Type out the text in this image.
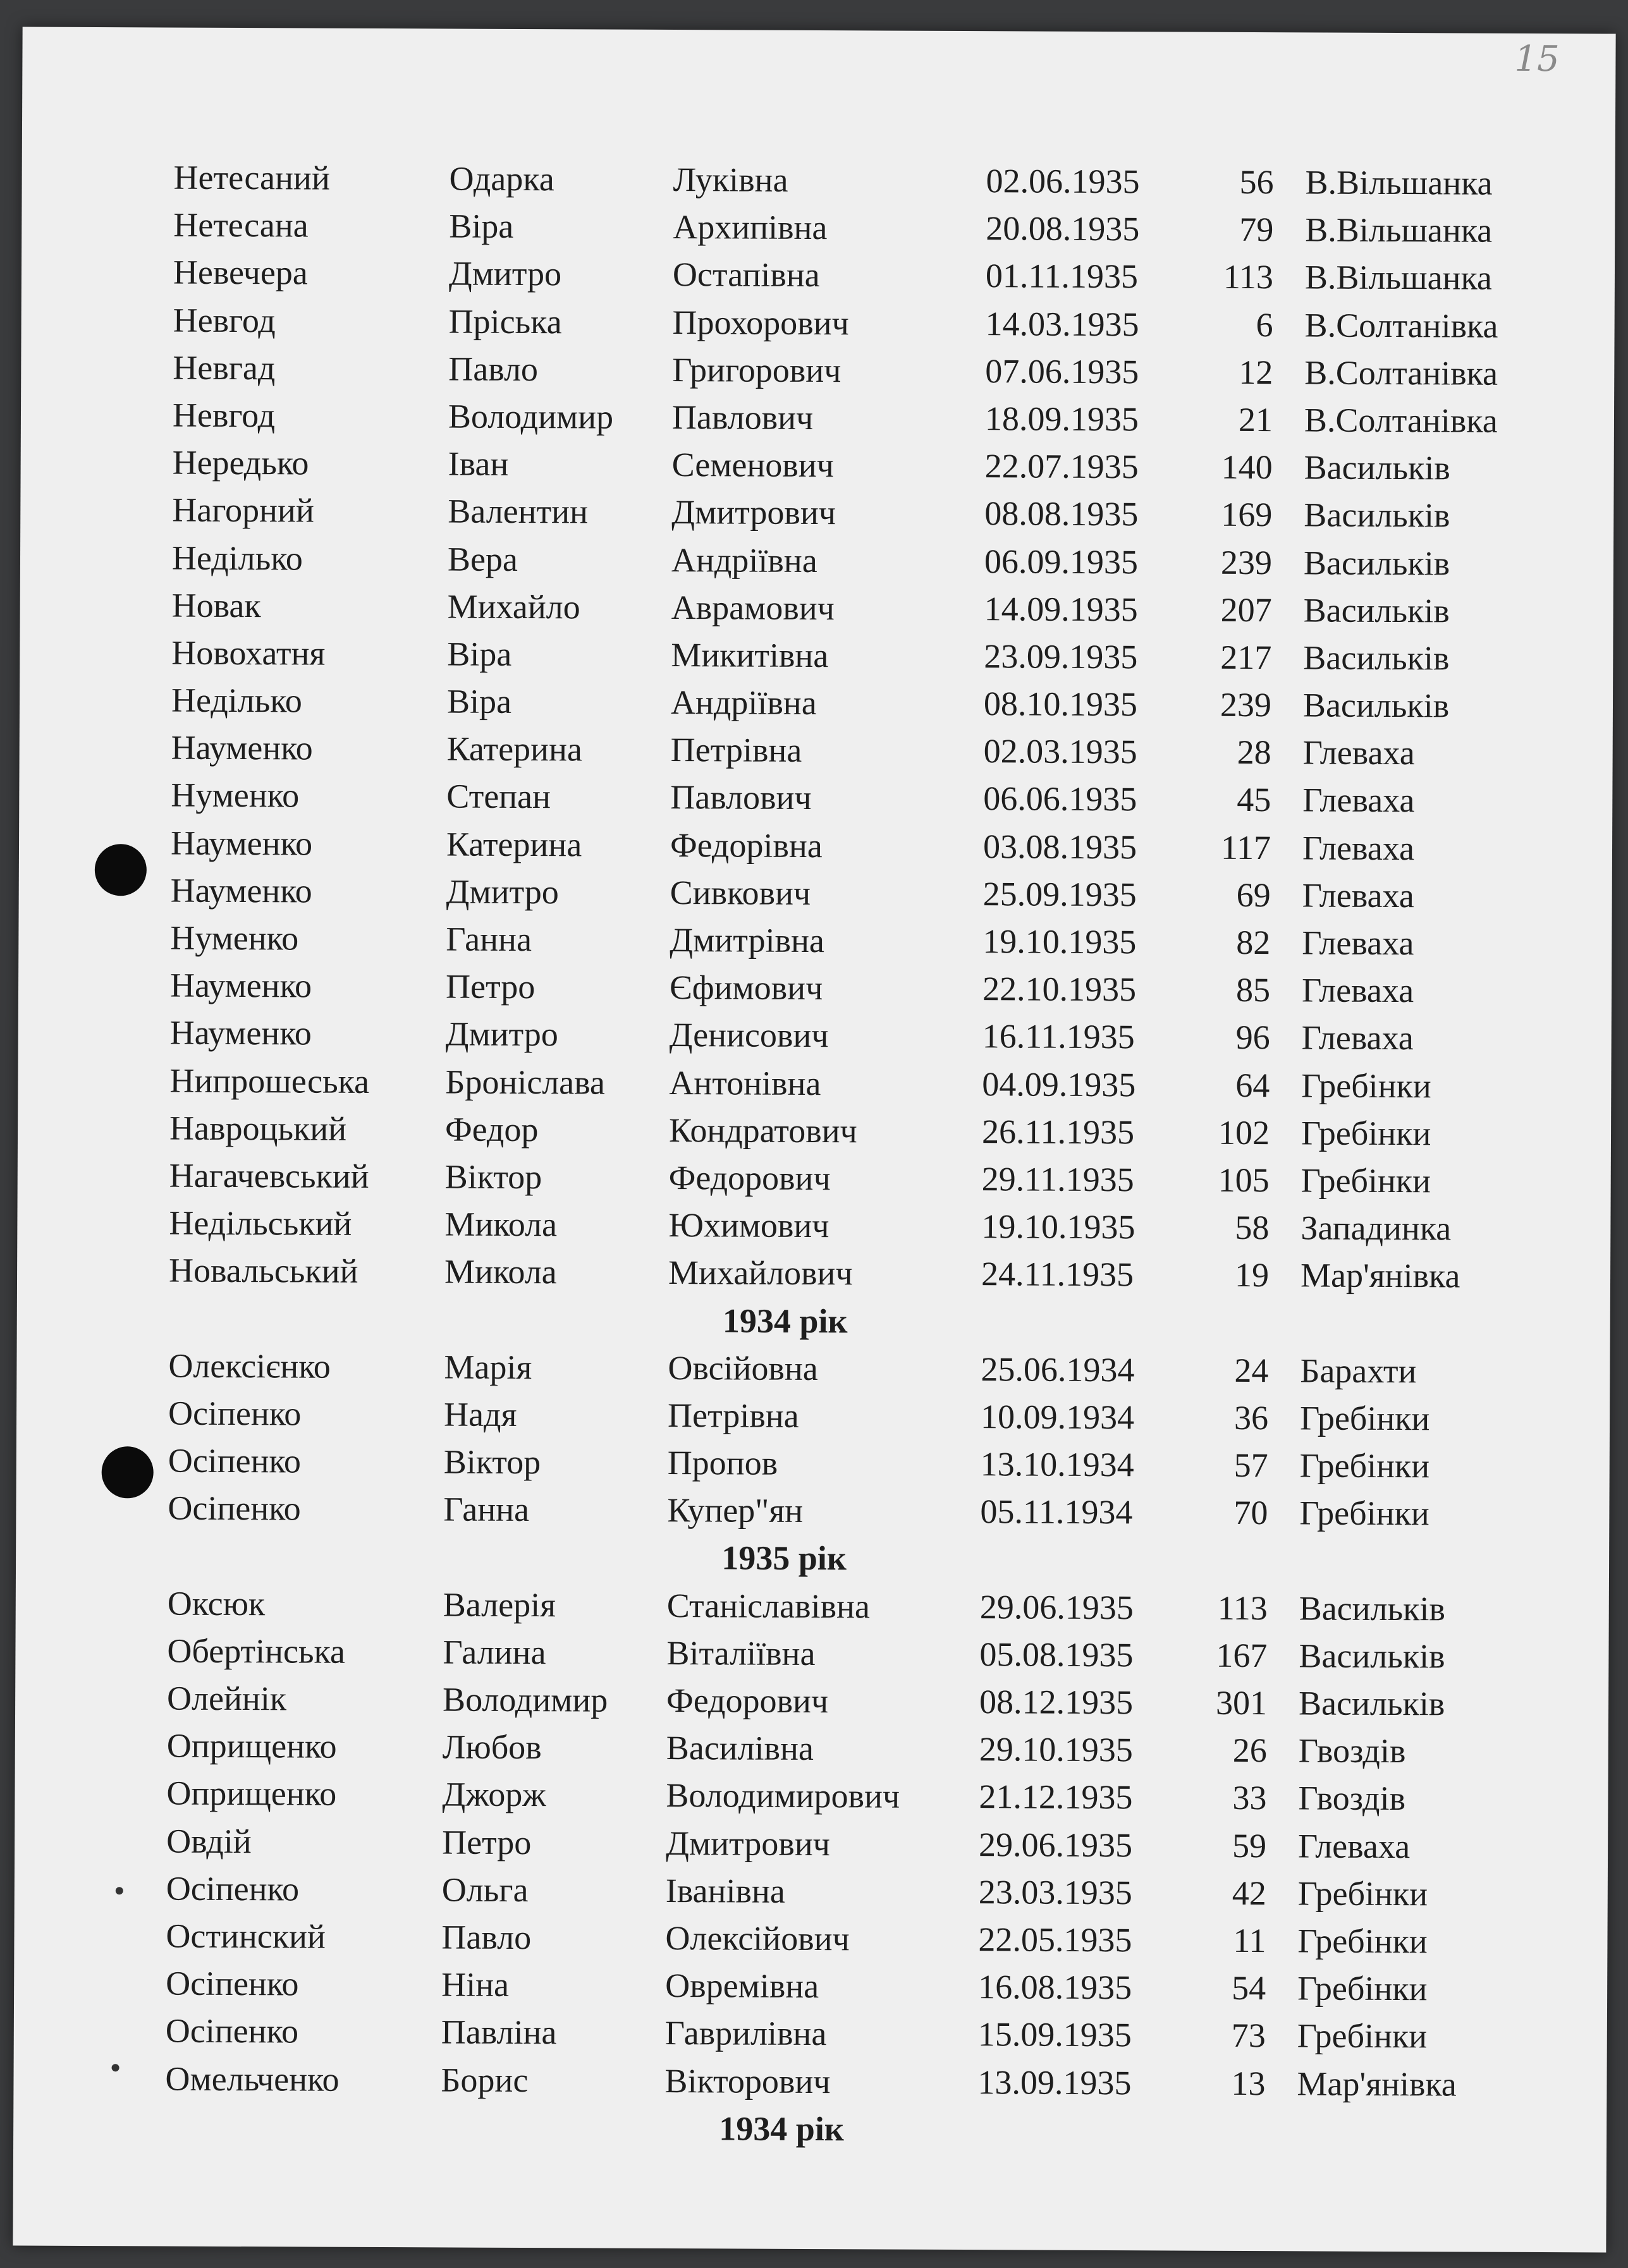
15
Нетесаний	Одарка	Луківна	02.06.1935	56 В.Вільшанка
Нетесана	Віра	Архипівна	20.08.1935	79 В.Вільшанка
Невечера	Дмитро	Остапівна	01.11.1935	113 В.Вільшанка
Невгод	Пріська	Прохорович	14.03.1935	6 В.Солтанівка
Невгад	Павло	Григорович	07.06.1935	12 В.Солтанівка
Невгод	Володимир Павлович	18.09.1935	21 В.Солтанівка
Нередько	Іван	Семенович	22.07.1935	140 Васильків
Нагорний	Валентин Дмитрович	08.08.1935	169 Васильків
Неділько	Вера	Андріївна	06.09.1935	239 Васильків
Новак	Михайло	Аврамович	14.09.1935	207 Васильків
Новохатня	Віра	Микитівна	23.09.1935	217 Васильків
Неділько	Віра	Андріївна	08.10.1935	239 Васильків
Науменко	Катерина	Петрівна	02.03.1935	28 Глеваха
Нуменко	Степан	Павлович	06.06.1935	45 Глеваха
Науменко	Катерина	Федорівна	03.08.1935	117 Глеваха
Науменко	Дмитро	Сивкович	25.09.1935	69 Глеваха
Нуменко	Ганна	Дмитрівна	19.10.1935	82 Глеваха
Науменко	Петро	Єфимович	22.10.1935	85 Глеваха
Науменко	Дмитро	Денисович	16.11.1935	96 Глеваха
Нипрошеська Броніслава Антонівна	04.09.1935	64 Гребінки
Навроцький	Федор	Кондратович	26.11.1935	102 Гребінки
Нагачевський Віктор	Федорович	29.11.1935	105 Гребінки
Недільський	Микола	Юхимович	19.10.1935	58 Западинка
Новальський	Микола	Михайлович	24.11.1935	19 Мар'янівка
1934 рік
Олексієнко	Марія	Овсійовна	25.06.1934	24 Барахти
Осіпенко	Надя	Петрівна	10.09.1934	36 Гребінки
Осіпенко	Віктор	Пропов	13.10.1934	57 Гребінки
Осіпенко	Ганна	Купер"ян	05.11.1934	70 Гребінки
1935 рік
Оксюк	Валерія	Станіславівна	29.06.1935	113 Васильків
Обертінська	Галина	Віталіївна	05.08.1935	167 Васильків
Олейнік	Володимир Федорович	08.12.1935	301 Васильків
Оприщенко	Любов	Василівна	29.10.1935	26 Гвоздів
Оприщенко	Джорж	Володимирович 21.12.1935	33 Гвоздів
Овдій	Петро	Дмитрович	29.06.1935	59 Глеваха
Осіпенко	Ольга	Іванівна	23.03.1935	42 Гребінки
Остинский	Павло	Олексійович	22.05.1935	11 Гребінки
Осіпенко	Ніна	Овремівна	16.08.1935	54 Гребінки
Осіпенко	Павліна	Гаврилівна	15.09.1935	73 Гребінки
Омельченко	Борис	Вікторович	13.09.1935	13 Мар'янівка
1934 рік
